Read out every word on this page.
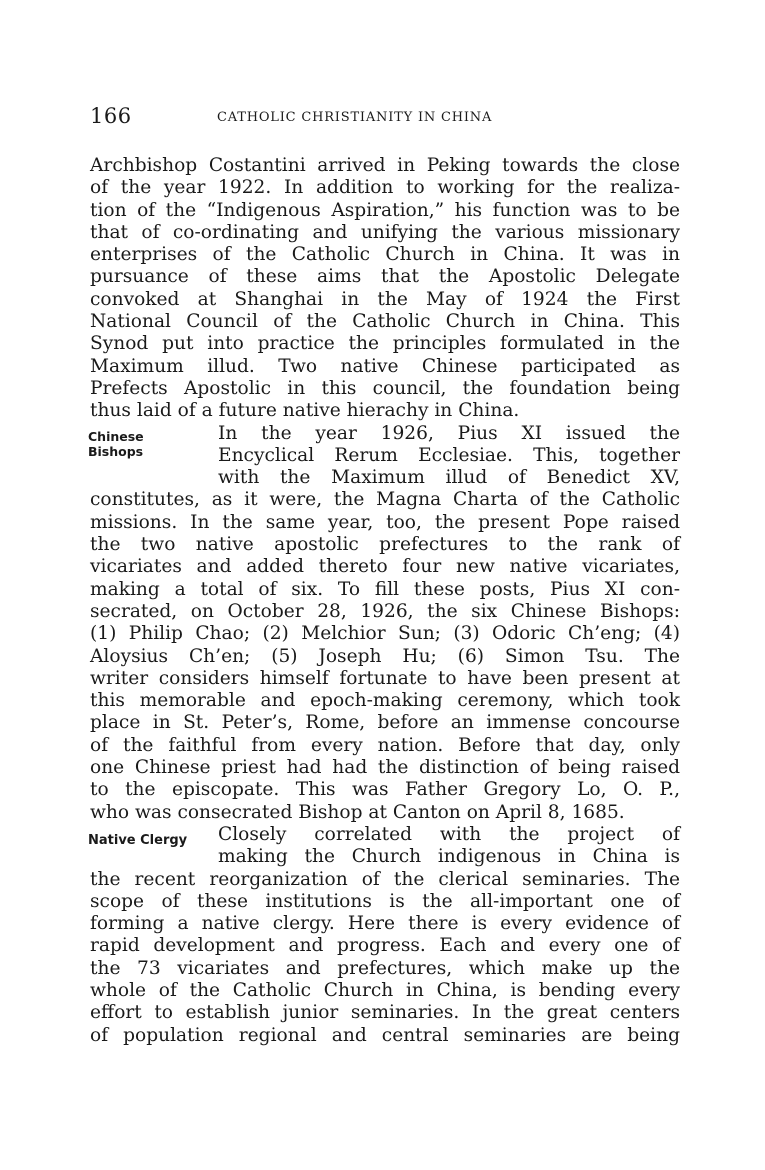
166	CATHOLIC CHRISTIANITY IN CHINA
Archbishop Costantini arrived in Peking towards the close
of the year 1922. In addition to working for the realiza-
tion of the “Indigenous Aspiration,” his function was to be
that of co-ordinating and unifying the various missionary
enterprises of the Catholic Church in China. It was in
pursuance of these aims that the Apostolic Delegate
convoked at Shanghai in the May of 1924 the First
National Council of the Catholic Church in China. This
Synod put into practice the principles formulated in the
Maximum illud. Two native Chinese participated as
Prefects Apostolic in this council, the foundation being
thus laid of a future native hierachy in China.
Chinese
Bishops
In the year 1926, Pius XI issued the
Encyclical Rerum Ecclesiae. This, together
with the Maximum illud of Benedict XV,
constitutes, as it were, the Magna Charta of the Catholic
missions. In the same year, too, the present Pope raised
the two native apostolic prefectures to the rank of
vicariates and added thereto four new native vicariates,
making a total of six. To fill these posts, Pius XI con-
secrated, on October 28, 1926, the six Chinese Bishops:
(1) Philip Chao; (2) Melchior Sun; (3) Odoric Ch’eng; (4)
Aloysius Ch’en; (5) Joseph Hu; (6) Simon Tsu. The
writer considers himself fortunate to have been present at
this memorable and epoch-making ceremony, which took
place in St. Peter’s, Rome, before an immense concourse
of the faithful from every nation. Before that day, only
one Chinese priest had had the distinction of being raised
to the episcopate. This was Father Gregory Lo, O. P.,
who was consecrated Bishop at Canton on April 8, 1685.
Native Clergy Closely correlated with the project of
making the Church indigenous in China is
the recent reorganization of the clerical seminaries. The
scope of these institutions is the all-important one of
forming a native clergy. Here there is every evidence of
rapid development and progress. Each and every one of
the 73 vicariates and prefectures, which make up the
whole of the Catholic Church in China, is bending every
effort to establish junior seminaries. In the great centers
of population regional and central seminaries are being
